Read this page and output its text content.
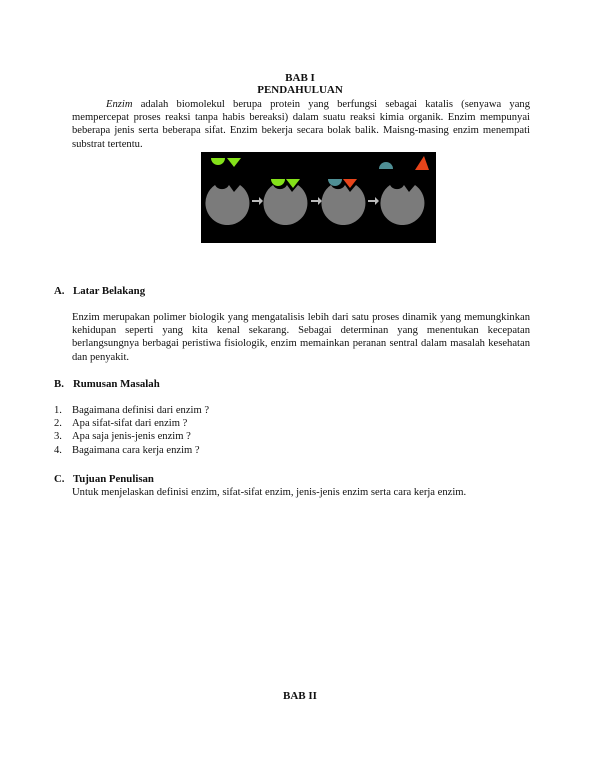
BAB I
PENDAHULUAN
Enzim adalah biomolekul berupa protein yang berfungsi sebagai katalis (senyawa yang mempercepat proses reaksi tanpa habis bereaksi) dalam suatu reaksi kimia organik. Enzim mempunyai beberapa jenis serta beberapa sifat. Enzim bekerja secara bolak balik. Maisng-masing enzim menempati substrat tertentu.
A. Latar Belakang
Enzim merupakan polimer biologik yang mengatalisis lebih dari satu proses dinamik yang memungkinkan kehidupan seperti yang kita kenal sekarang. Sebagai determinan yang menentukan kecepatan berlangsungnya berbagai peristiwa fisiologik, enzim memainkan peranan sentral dalam masalah kesehatan dan penyakit.
B. Rumusan Masalah
1. Bagaimana definisi dari enzim ?
2. Apa sifat-sifat dari enzim ?
3. Apa saja jenis-jenis enzim ?
4. Bagaimana cara kerja enzim ?
C. Tujuan Penulisan
Untuk menjelaskan definisi enzim, sifat-sifat enzim, jenis-jenis enzim serta cara kerja enzim.
BAB II
